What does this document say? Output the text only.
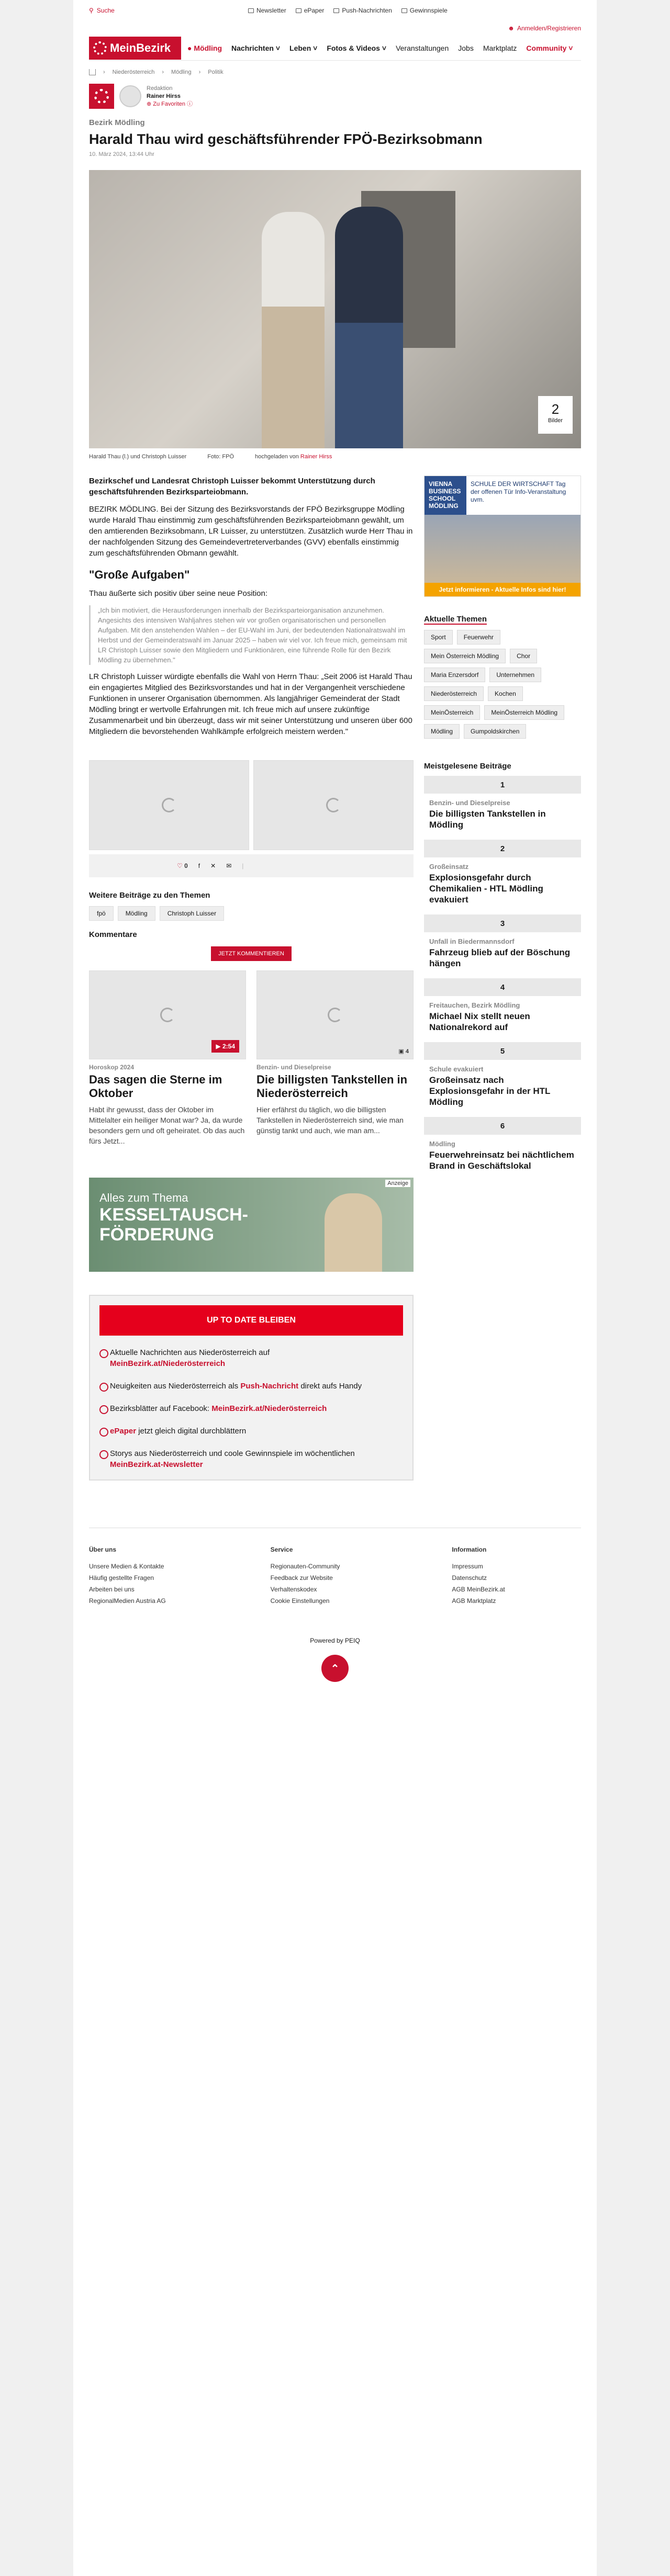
⚲ Suche	Newsletter	ePaper	Push-Nachrichten	Gewinnspiele
☻ Anmelden/Registrieren
MeinBezirk ● Mödling Nachrichten ˅ Leben ˅ Fotos & Videos ˅ Veranstaltungen Jobs Marktplatz Community ˅
› Niederösterreich › Mödling › Politik
Redaktion
Rainer Hirss
⊕ Zu Favoriten ⓘ
Bezirk Mödling
Harald Thau wird geschäftsführender FPÖ-Bezirksobmann
10. März 2024, 13:44 Uhr
2
Bilder
Harald Thau (l.) und Christoph Luisser	Foto: FPÖ	hochgeladen von Rainer Hirss
Bezirkschef und Landesrat Christoph Luisser bekommt Unterstützung durch geschäftsführenden Bezirksparteiobmann.
BEZIRK MÖDLING. Bei der Sitzung des Bezirksvorstands der FPÖ Bezirksgruppe Mödling wurde Harald Thau einstimmig zum geschäftsführenden Bezirksparteiobmann gewählt, um den amtierenden Bezirksobmann, LR Luisser, zu unterstützen. Zusätzlich wurde Herr Thau in der nachfolgenden Sitzung des Gemeindevertreterverbandes (GVV) ebenfalls einstimmig zum geschäftsführenden Obmann gewählt.
"Große Aufgaben"
Thau äußerte sich positiv über seine neue Position:
„Ich bin motiviert, die Herausforderungen innerhalb der Bezirksparteiorganisation anzunehmen. Angesichts des intensiven Wahljahres stehen wir vor großen organisatorischen und personellen Aufgaben. Mit den anstehenden Wahlen – der EU-Wahl im Juni, der bedeutenden Nationalratswahl im Herbst und der Gemeinderatswahl im Januar 2025 – haben wir viel vor. Ich freue mich, gemeinsam mit LR Christoph Luisser sowie den Mitgliedern und Funktionären, eine führende Rolle für den Bezirk Mödling zu übernehmen."
LR Christoph Luisser würdigte ebenfalls die Wahl von Herrn Thau: „Seit 2006 ist Harald Thau ein engagiertes Mitglied des Bezirksvorstandes und hat in der Vergangenheit verschiedene Funktionen in unserer Organisation übernommen. Als langjähriger Gemeinderat der Stadt Mödling bringt er wertvolle Erfahrungen mit. Ich freue mich auf unsere zukünftige Zusammenarbeit und bin überzeugt, dass wir mit seiner Unterstützung und unseren über 600 Mitgliedern die bevorstehenden Wahlkämpfe erfolgreich meistern werden."
♡ 0 f ✕ ✉ |
Weitere Beiträge zu den Themen
fpö	Mödling	Christoph Luisser
Kommentare
JETZT KOMMENTIEREN
▶ 2:54
Horoskop 2024
Das sagen die Sterne im Oktober

Habt ihr gewusst, dass der Oktober im Mittelalter ein heiliger Monat war? Ja, da wurde besonders gern und oft geheiratet. Ob das auch fürs Jetzt...

▣ 4
Benzin- und Dieselpreise
Die billigsten Tankstellen in Niederösterreich

Hier erfährst du täglich, wo die billigsten Tankstellen in Niederösterreich sind, wie man günstig tankt und auch, wie man am...

Anzeige
Alles zum Thema
KESSELTAUSCH-FÖRDERUNG
UP TO DATE BLEIBEN
Aktuelle Nachrichten aus Niederösterreich auf
MeinBezirk.at/Niederösterreich
Neuigkeiten aus Niederösterreich als Push-Nachricht direkt aufs Handy
Bezirksblätter auf Facebook: MeinBezirk.at/Niederösterreich
ePaper jetzt gleich digital durchblättern
Storys aus Niederösterreich und coole Gewinnspiele im wöchentlichen
MeinBezirk.at-Newsletter
VIENNA BUSINESS SCHOOL MÖDLING
SCHULE DER WIRTSCHAFT Tag der offenen Tür Info-Veranstaltung uvm.
Jetzt informieren - Aktuelle Infos sind hier!
Aktuelle Themen
Sport	Feuerwehr
Mein Österreich Mödling	Chor
Maria Enzersdorf	Unternehmen
Niederösterreich	Kochen
MeinÖsterreich	MeinÖsterreich Mödling
Mödling	Gumpoldskirchen
Meistgelesene Beiträge
1
Benzin- und Dieselpreise
Die billigsten Tankstellen in Mödling
2
Großeinsatz
Explosionsgefahr durch Chemikalien - HTL Mödling evakuiert
3
Unfall in Biedermannsdorf
Fahrzeug blieb auf der Böschung hängen
4
Freitauchen, Bezirk Mödling
Michael Nix stellt neuen Nationalrekord auf
5
Schule evakuiert
Großeinsatz nach Explosionsgefahr in der HTL Mödling
6
Mödling
Feuerwehreinsatz bei nächtlichem Brand in Geschäftslokal
Über uns
Unsere Medien & Kontakte
Häufig gestellte Fragen
Arbeiten bei uns
RegionalMedien Austria AG
Service
Regionauten-Community
Feedback zur Website
Verhaltenskodex
Cookie Einstellungen
Information
Impressum
Datenschutz
AGB MeinBezirk.at
AGB Marktplatz
Powered by PEIQ
⌃
